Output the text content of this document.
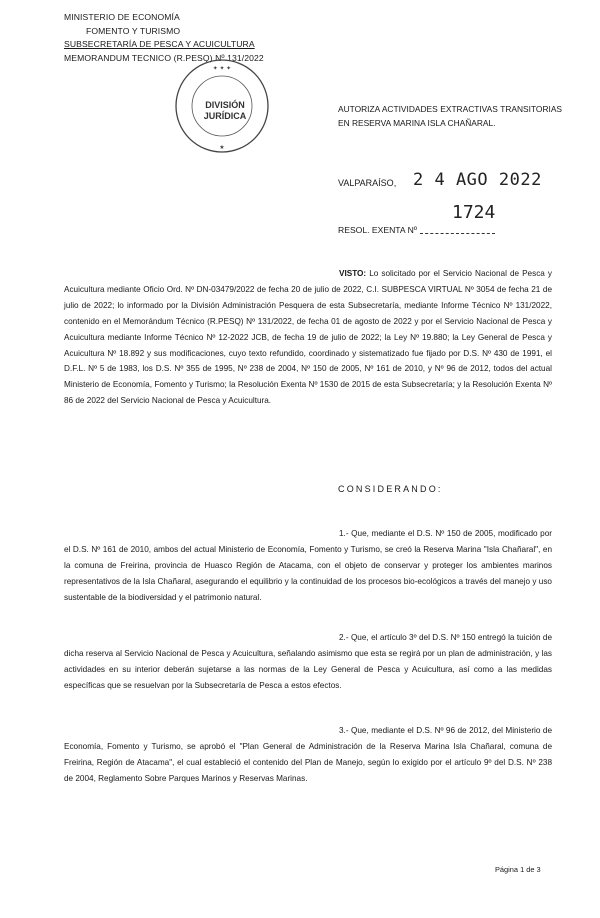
MINISTERIO DE ECONOMÍA
FOMENTO Y TURISMO
SUBSECRETARÍA DE PESCA Y ACUICULTURA
MEMORANDUM TECNICO (R.PESQ) Nº 131/2022
✦ ✦ ✦
★
DIVISIÓN
JURÍDICA
AUTORIZA ACTIVIDADES EXTRACTIVAS TRANSITORIAS EN RESERVA MARINA ISLA CHAÑARAL.
VALPARAÍSO, 2 4 AGO 2022
1724
RESOL. EXENTA Nº
VISTO: Lo solicitado por el Servicio Nacional de Pesca y Acuicultura mediante Oficio Ord. Nº DN-03479/2022 de fecha 20 de julio de 2022, C.I. SUBPESCA VIRTUAL Nº 3054 de fecha 21 de julio de 2022; lo informado por la División Administración Pesquera de esta Subsecretaría, mediante Informe Técnico Nº 131/2022, contenido en el Memorándum Técnico (R.PESQ) Nº 131/2022, de fecha 01 de agosto de 2022 y por el Servicio Nacional de Pesca y Acuicultura mediante Informe Técnico Nº 12-2022 JCB, de fecha 19 de julio de 2022; la Ley Nº 19.880; la Ley General de Pesca y Acuicultura Nº 18.892 y sus modificaciones, cuyo texto refundido, coordinado y sistematizado fue fijado por D.S. Nº 430 de 1991, el D.F.L. Nº 5 de 1983, los D.S. Nº 355 de 1995, Nº 238 de 2004, Nº 150 de 2005, Nº 161 de 2010, y Nº 96 de 2012, todos del actual Ministerio de Economía, Fomento y Turismo; la Resolución Exenta Nº 1530 de 2015 de esta Subsecretaría; y la Resolución Exenta Nº 86 de 2022 del Servicio Nacional de Pesca y Acuicultura.
CONSIDERANDO:
1.- Que, mediante el D.S. Nº 150 de 2005, modificado por el D.S. Nº 161 de 2010, ambos del actual Ministerio de Economía, Fomento y Turismo, se creó la Reserva Marina "Isla Chañaral", en la comuna de Freirina, provincia de Huasco Región de Atacama, con el objeto de conservar y proteger los ambientes marinos representativos de la Isla Chañaral, asegurando el equilibrio y la continuidad de los procesos bio-ecológicos a través del manejo y uso sustentable de la biodiversidad y el patrimonio natural.
2.- Que, el artículo 3º del D.S. Nº 150 entregó la tuición de dicha reserva al Servicio Nacional de Pesca y Acuicultura, señalando asimismo que esta se regirá por un plan de administración, y las actividades en su interior deberán sujetarse a las normas de la Ley General de Pesca y Acuicultura, así como a las medidas específicas que se resuelvan por la Subsecretaría de Pesca a estos efectos.
3.- Que, mediante el D.S. Nº 96 de 2012, del Ministerio de Economía, Fomento y Turismo, se aprobó el "Plan General de Administración de la Reserva Marina Isla Chañaral, comuna de Freirina, Región de Atacama", el cual estableció el contenido del Plan de Manejo, según lo exigido por el artículo 9º del D.S. Nº 238 de 2004, Reglamento Sobre Parques Marinos y Reservas Marinas.
Página 1 de 3
